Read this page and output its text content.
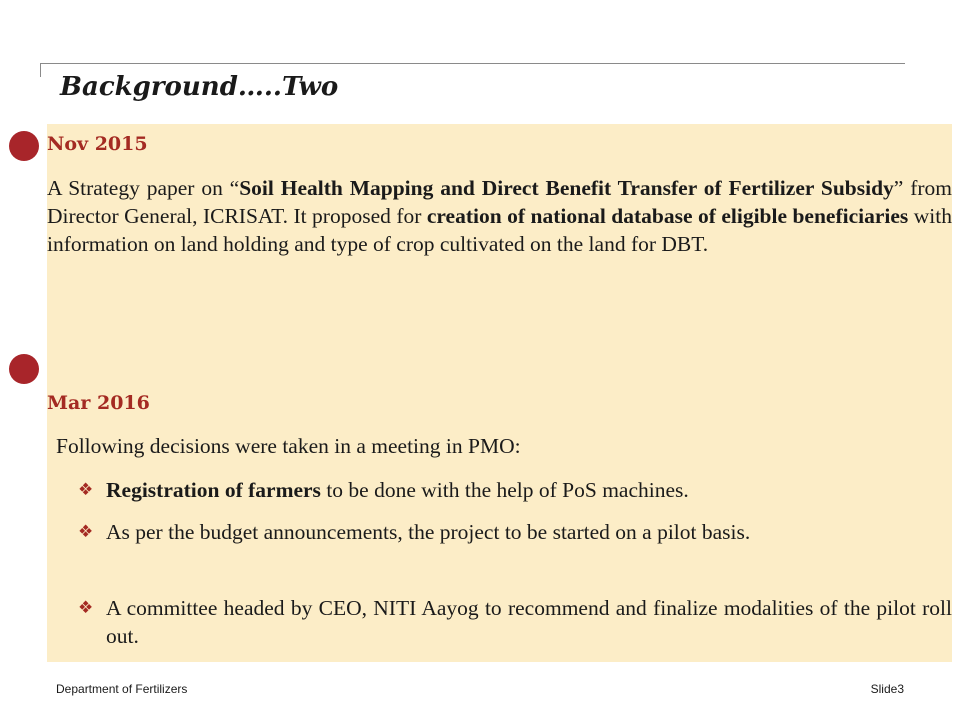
Background…..Two

Nov 2015

A Strategy paper on “Soil Health Mapping and Direct Benefit Transfer of Fertilizer Subsidy” from Director General, ICRISAT. It proposed for creation of national database of eligible beneficiaries with information on land holding and type of crop cultivated on the land for DBT.

Mar 2016

Following decisions were taken in a meeting in PMO:

❖ Registration of farmers to be done with the help of PoS machines.

❖ As per the budget announcements, the project to be started on a pilot basis.

❖ A committee headed by CEO, NITI Aayog to recommend and finalize modalities of the pilot roll out.

Department of Fertilizers	Slide3
